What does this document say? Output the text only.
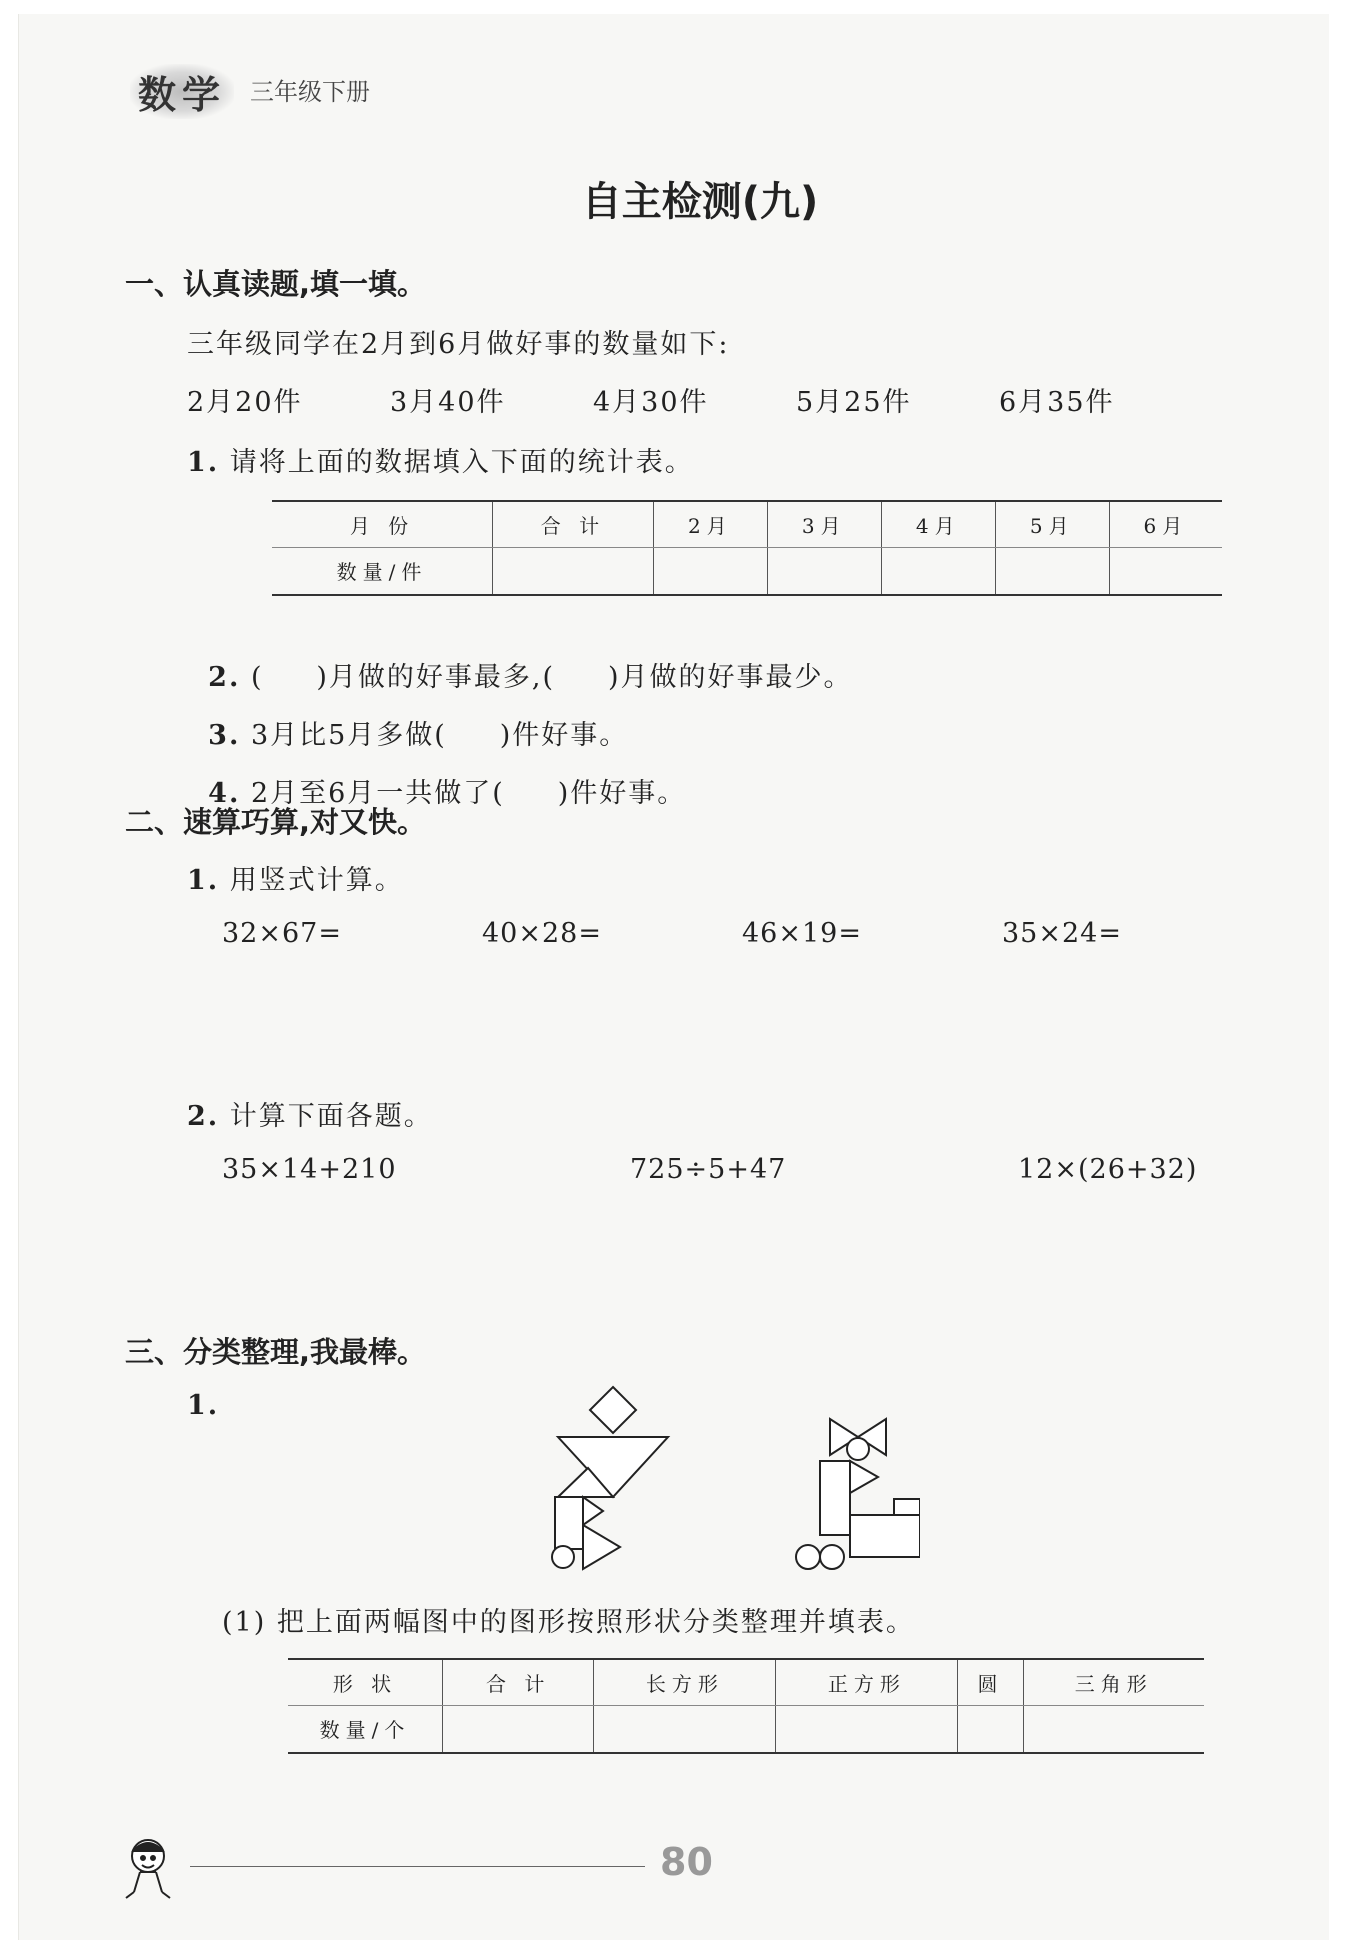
数学 三年级下册
自主检测(九)
一、认真读题,填一填。
三年级同学在2月到6月做好事的数量如下:
2月20件	3月40件	4月30件	5月25件	6月35件
1. 请将上面的数据填入下面的统计表。
月 份	合 计	2月	3月	4月	5月	6月
数量/件						

2. (     )月做的好事最多,(     )月做的好事最少。

3. 3月比5月多做(     )件好事。

4. 2月至6月一共做了(     )件好事。

二、速算巧算,对又快。
1. 用竖式计算。
32×67=	40×28=	46×19=	35×24=
2. 计算下面各题。
35×14+210	725÷5+47	12×(26+32)
三、分类整理,我最棒。
1.
(1) 把上面两幅图中的图形按照形状分类整理并填表。
形 状	合 计	长方形	正方形	圆	三角形
数量/个					
80
